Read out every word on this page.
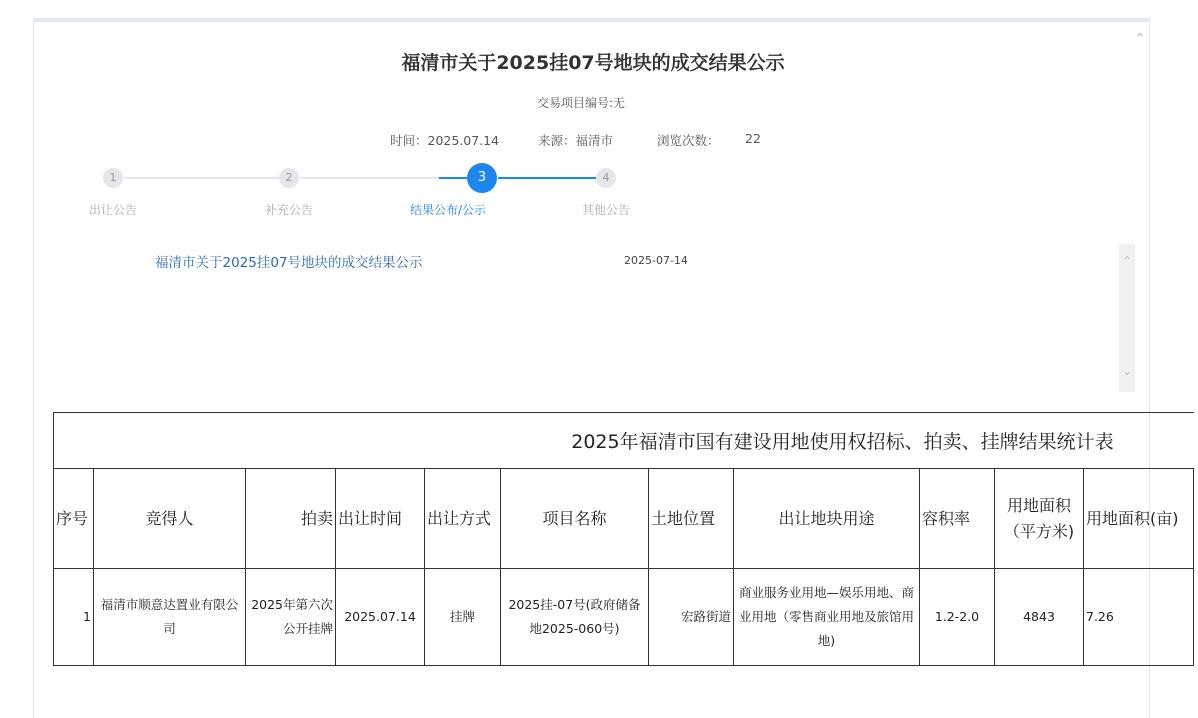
⌃
福清市关于2025挂07号地块的成交结果公示
交易项目编号:无
时间：2025.07.14	来源：福清市	浏览次数： 22
1	2	3	4
出让公告	补充公告	结果公布/公示	其他公告
福清市关于2025挂07号地块的成交结果公示	2025-07-14	⌃
⌄
2025年福清市国有建设用地使用权招标、拍卖、挂牌结果统计表										
序号	竞得人	拍卖	出让时间	出让方式	项目名称	土地位置	出让地块用途	容积率	用地面积（平方米)	用地面积(亩)
1	福清市顺意达置业有限公司	2025年第六次公开挂牌	2025.07.14	挂牌	2025挂-07号(政府储备地2025-060号)	宏路街道	商业服务业用地—娱乐用地、商业用地（零售商业用地及旅馆用地)	1.2-2.0	4843	7.26
